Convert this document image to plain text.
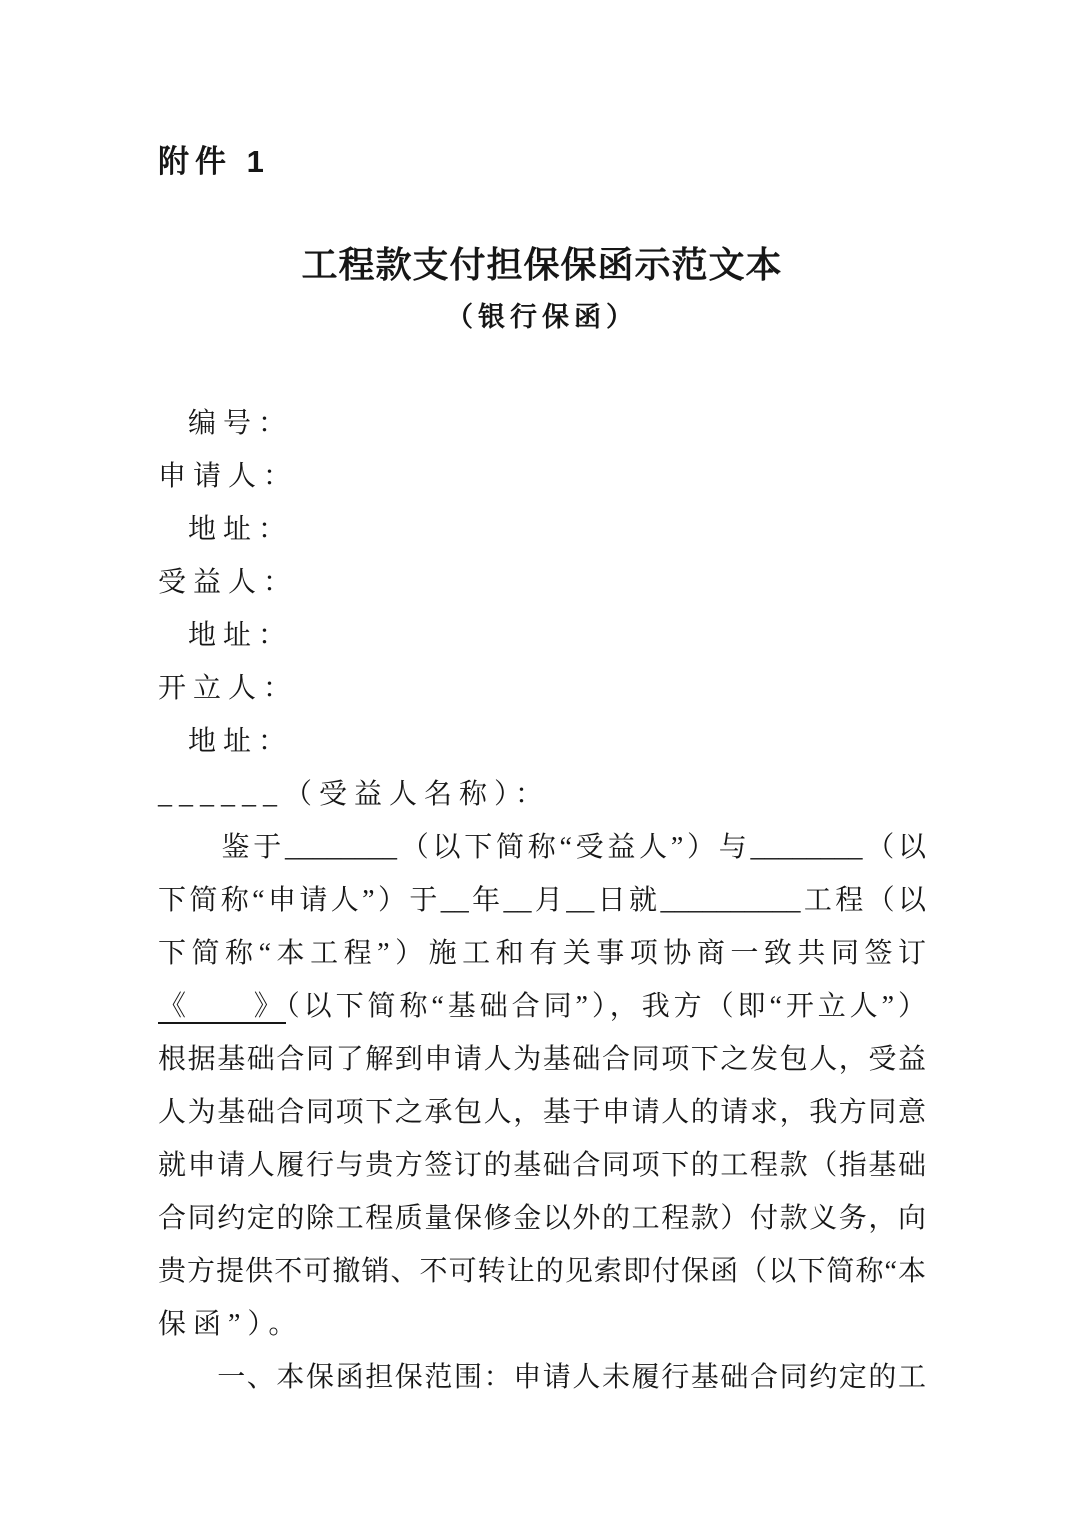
附件 1
工程款支付担保保函示范文本
（银行保函）
编号：
申请人：
地址：
受益人：
地址：
开立人：
地址：
______（受益人名称）：
　　鉴于________（以下简称“受益人”）与________（以
下简称“申请人”）于__年__月__日就__________工程（以
下简称“本工程”）施工和有关事项协商一致共同签订
《　　》（以下简称“基础合同”），我方（即“开立人”）
根据基础合同了解到申请人为基础合同项下之发包人，受益
人为基础合同项下之承包人，基于申请人的请求，我方同意
就申请人履行与贵方签订的基础合同项下的工程款（指基础
合同约定的除工程质量保修金以外的工程款）付款义务，向
贵方提供不可撤销、不可转让的见索即付保函（以下简称“本
保函”）。
　　一、本保函担保范围：申请人未履行基础合同约定的工
